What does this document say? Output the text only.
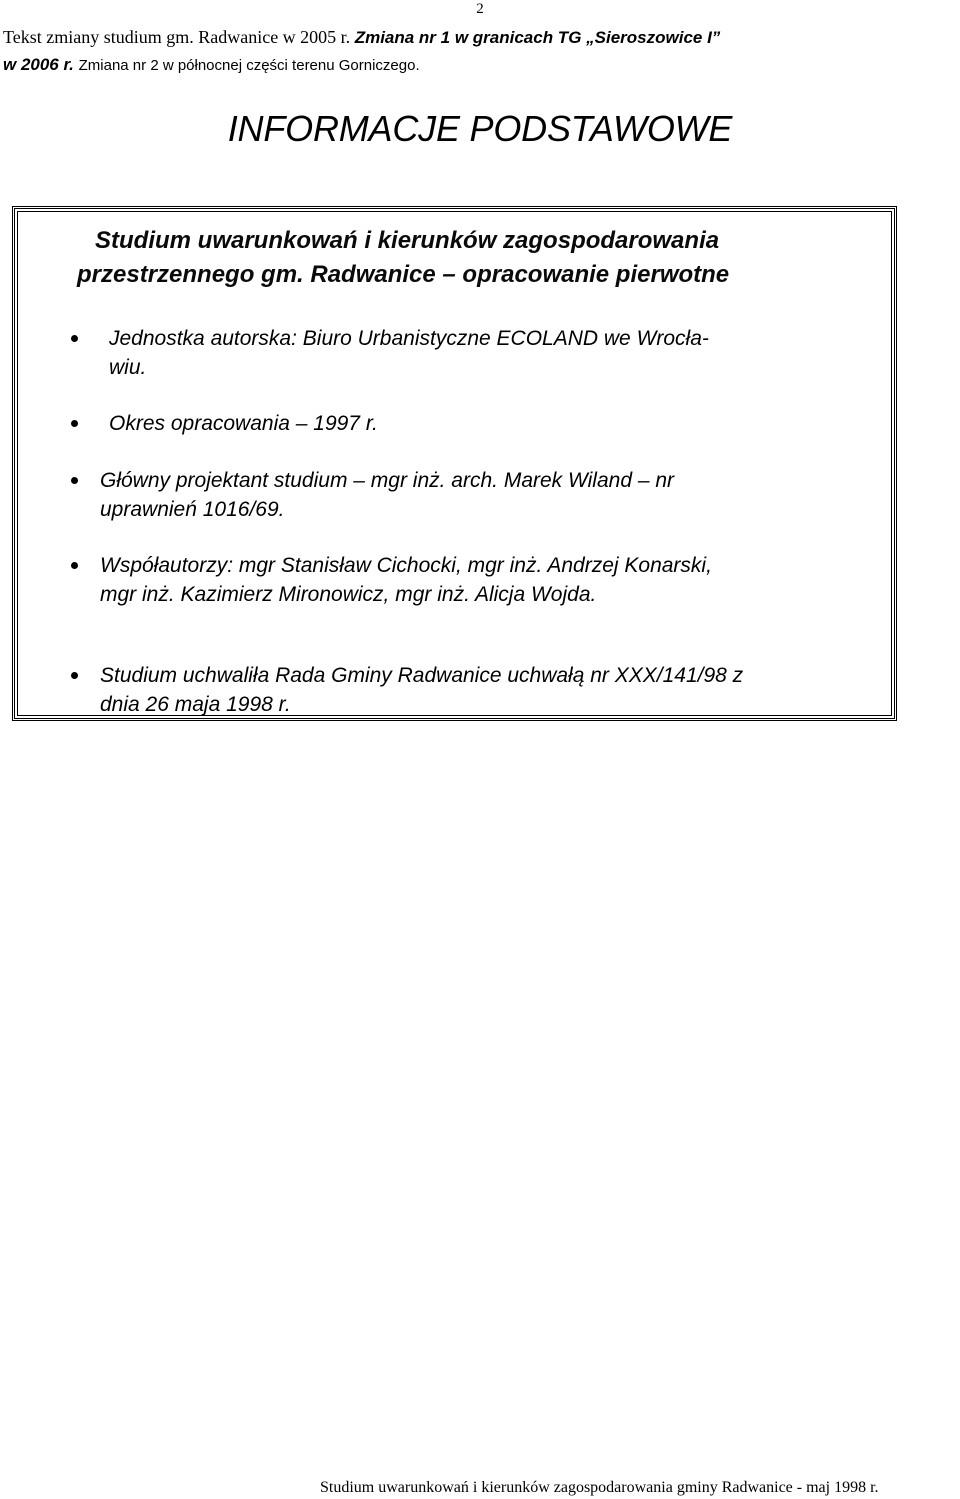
2
Tekst zmiany studium gm. Radwanice w 2005 r. Zmiana nr 1 w granicach TG „Sieroszowice I”
w 2006 r. Zmiana nr 2 w północnej części terenu Gorniczego.
INFORMACJE PODSTAWOWE
Studium uwarunkowań i kierunków zagospodarowania
przestrzennego gm. Radwanice – opracowanie pierwotne
Jednostka autorska: Biuro Urbanistyczne ECOLAND we Wrocła-
wiu.
Okres opracowania – 1997 r.
Główny projektant studium – mgr inż. arch. Marek Wiland – nr
uprawnień 1016/69.
Współautorzy: mgr Stanisław Cichocki, mgr inż. Andrzej Konarski,
mgr inż. Kazimierz Mironowicz, mgr inż. Alicja Wojda.
Studium uchwaliła Rada Gminy Radwanice uchwałą nr XXX/141/98 z
dnia 26 maja 1998 r.
Studium uwarunkowań i kierunków zagospodarowania gminy Radwanice - maj 1998 r.
